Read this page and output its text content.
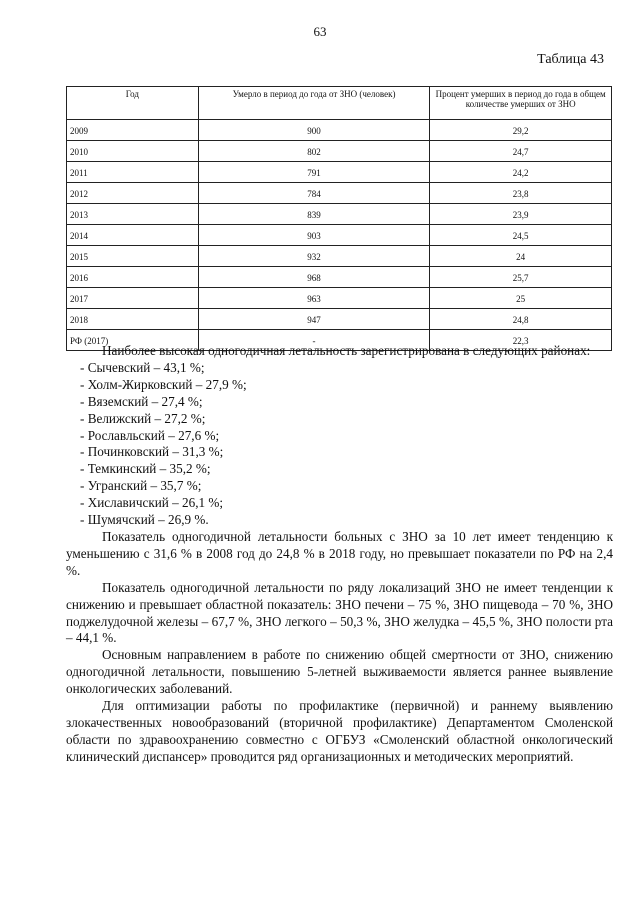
63
Таблица 43
Год	Умерло в период до года от ЗНО (человек)	Процент умерших в период до года в общем количестве умерших от ЗНО
2009	900	29,2
2010	802	24,7
2011	791	24,2
2012	784	23,8
2013	839	23,9
2014	903	24,5
2015	932	24
2016	968	25,7
2017	963	25
2018	947	24,8
РФ (2017)	-	22,3

Наиболее высокая одногодичная летальность зарегистрирована в следующих районах:

- Сычевский – 43,1 %;
- Холм-Жирковский – 27,9 %;
- Вяземский – 27,4 %;
- Велижский – 27,2 %;
- Рославльский – 27,6 %;
- Починковский – 31,3 %;
- Темкинский – 35,2 %;
- Угранский – 35,7 %;
- Хиславичский – 26,1 %;
- Шумячский – 26,9 %.

Показатель одногодичной летальности больных с ЗНО за 10 лет имеет тенденцию к уменьшению с 31,6 % в 2008 год до 24,8 % в 2018 году, но превышает показатели по РФ на 2,4 %.

Показатель одногодичной летальности по ряду локализаций ЗНО не имеет тенденции к снижению и превышает областной показатель: ЗНО печени – 75 %, ЗНО пищевода – 70 %, ЗНО поджелудочной железы – 67,7 %, ЗНО легкого – 50,3 %, ЗНО желудка – 45,5 %, ЗНО полости рта – 44,1 %.

Основным направлением в работе по снижению общей смертности от ЗНО, снижению одногодичной летальности, повышению 5-летней выживаемости является раннее выявление онкологических заболеваний.

Для оптимизации работы по профилактике (первичной) и раннему выявлению злокачественных новообразований (вторичной профилактике) Департаментом Смоленской области по здравоохранению совместно с ОГБУЗ «Смоленский областной онкологический клинический диспансер» проводится ряд организационных и методических мероприятий.
